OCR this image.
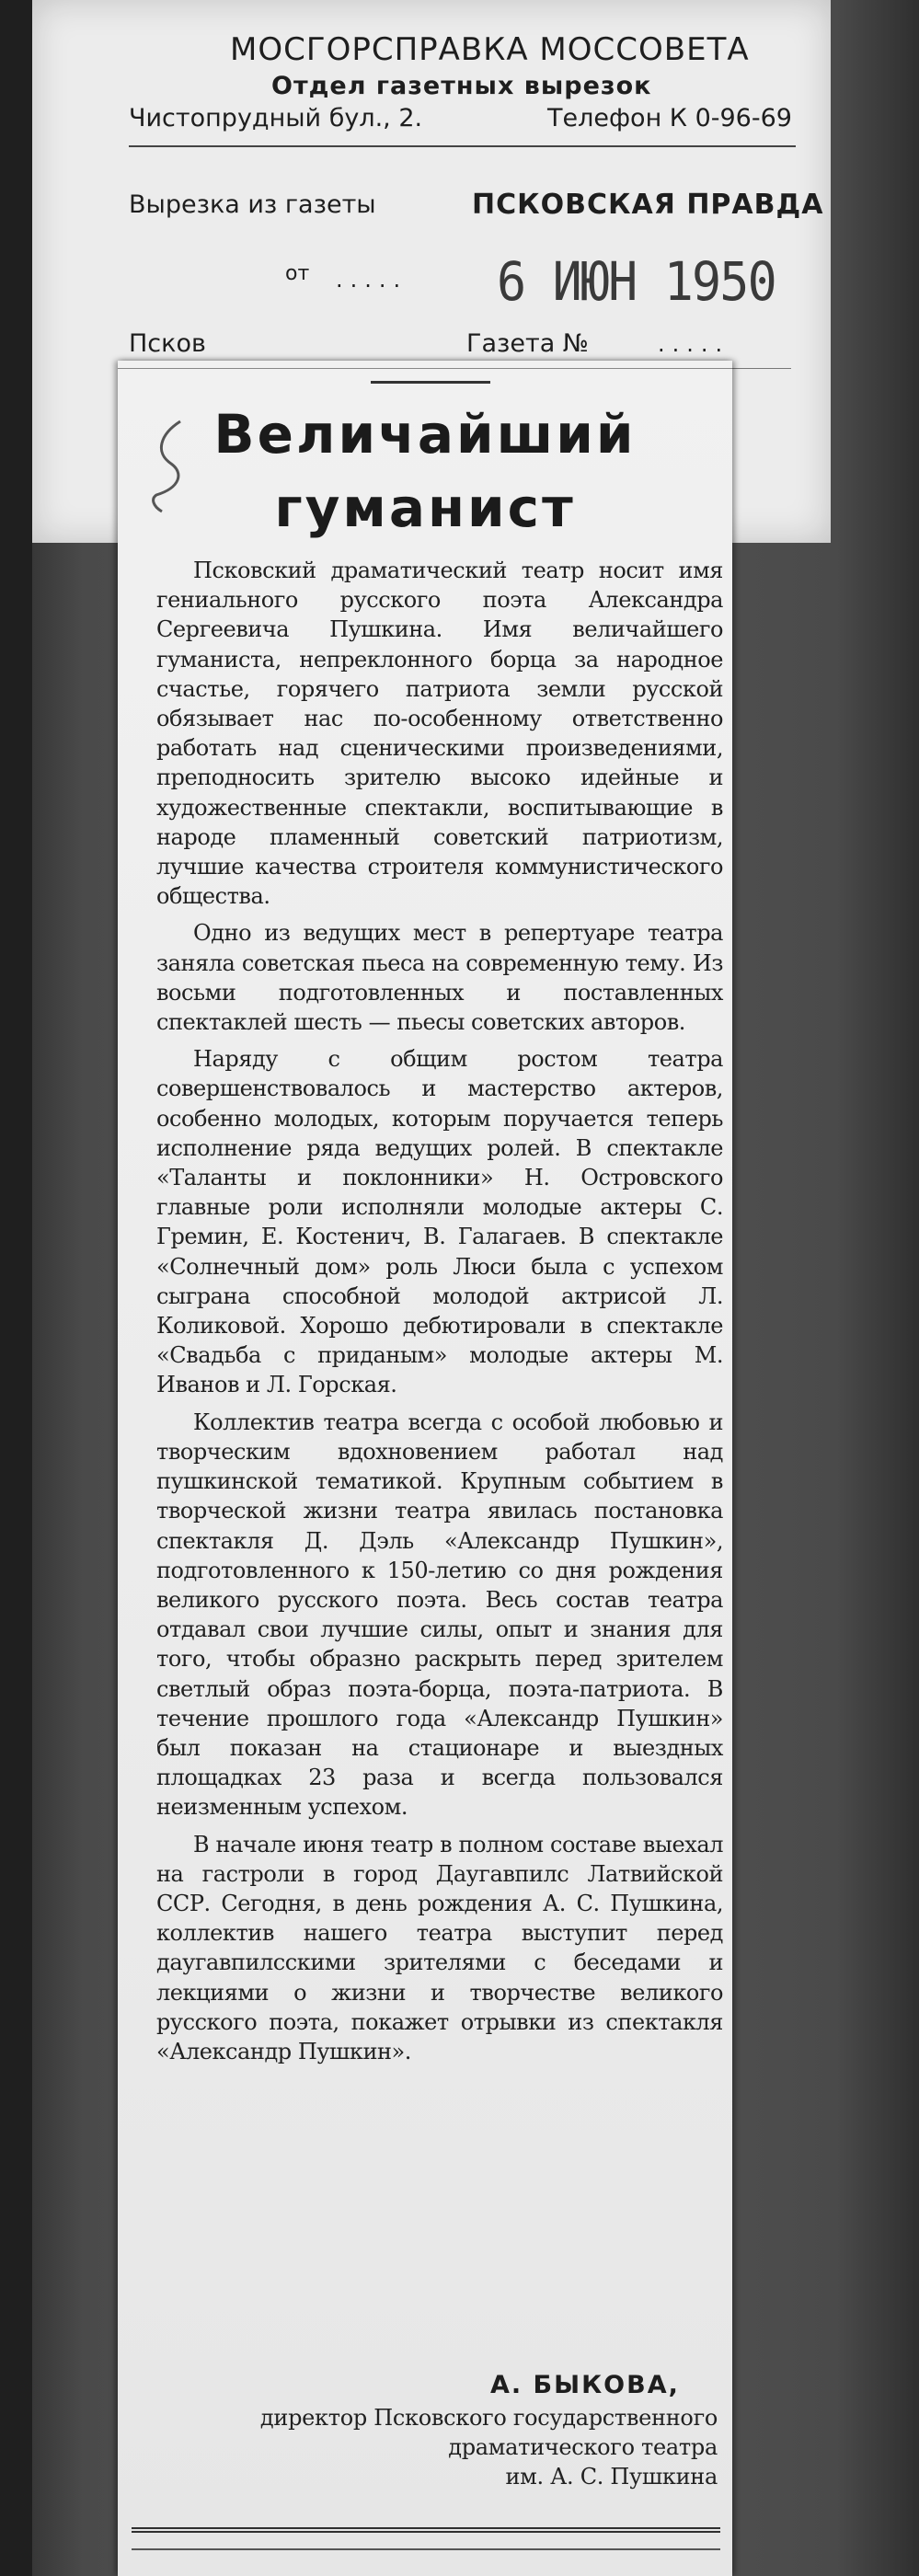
МОСГОРСПРАВКА МОССОВЕТА
Отдел газетных вырезок
Чистопрудный бул., 2.	Телефон К 0-96-69
Вырезка из газеты	ПСКОВСКАЯ ПРАВДА
от ..... 6 ИЮН 1950
Псков	Газета №	.....
Величайший
гуманист

Псковский драматический театр носит имя гениального русского поэта Александра Сергеевича Пушкина. Имя величайшего гуманиста, непреклонного борца за народное счастье, горячего патриота земли русской обязывает нас по-особенному ответственно работать над сценическими произведениями, преподносить зрителю высоко идейные и художественные спектакли, воспитывающие в народе пламенный советский патриотизм, лучшие качества строителя коммунистического общества.

Одно из ведущих мест в репертуаре театра заняла советская пьеса на современную тему. Из восьми подготовленных и поставленных спектаклей шесть — пьесы советских авторов.

Наряду с общим ростом театра совершенствовалось и мастерство актеров, особенно молодых, которым поручается теперь исполнение ряда ведущих ролей. В спектакле «Таланты и поклонники» Н. Островского главные роли исполняли молодые актеры С. Гремин, Е. Костенич, В. Галагаев. В спектакле «Солнечный дом» роль Люси была с успехом сыграна способной молодой актрисой Л. Коликовой. Хорошо дебютировали в спектакле «Свадьба с приданым» молодые актеры М. Иванов и Л. Горская.

Коллектив театра всегда с особой любовью и творческим вдохновением работал над пушкинской тематикой. Крупным событием в творческой жизни театра явилась постановка спектакля Д. Дэль «Александр Пушкин», подготовленного к 150-летию со дня рождения великого русского поэта. Весь состав театра отдавал свои лучшие силы, опыт и знания для того, чтобы образно раскрыть перед зрителем светлый образ поэта-борца, поэта-патриота. В течение прошлого года «Александр Пушкин» был показан на стационаре и выездных площадках 23 раза и всегда пользовался неизменным успехом.

В начале июня театр в полном составе выехал на гастроли в город Даугавпилс Латвийской ССР. Сегодня, в день рождения А. С. Пушкина, коллектив нашего театра выступит перед даугавпилсскими зрителями с беседами и лекциями о жизни и творчестве великого русского поэта, покажет отрывки из спектакля «Александр Пушкин».

А. БЫКОВА,
директор Псковского государственного
драматического театра
им. А. С. Пушкина
